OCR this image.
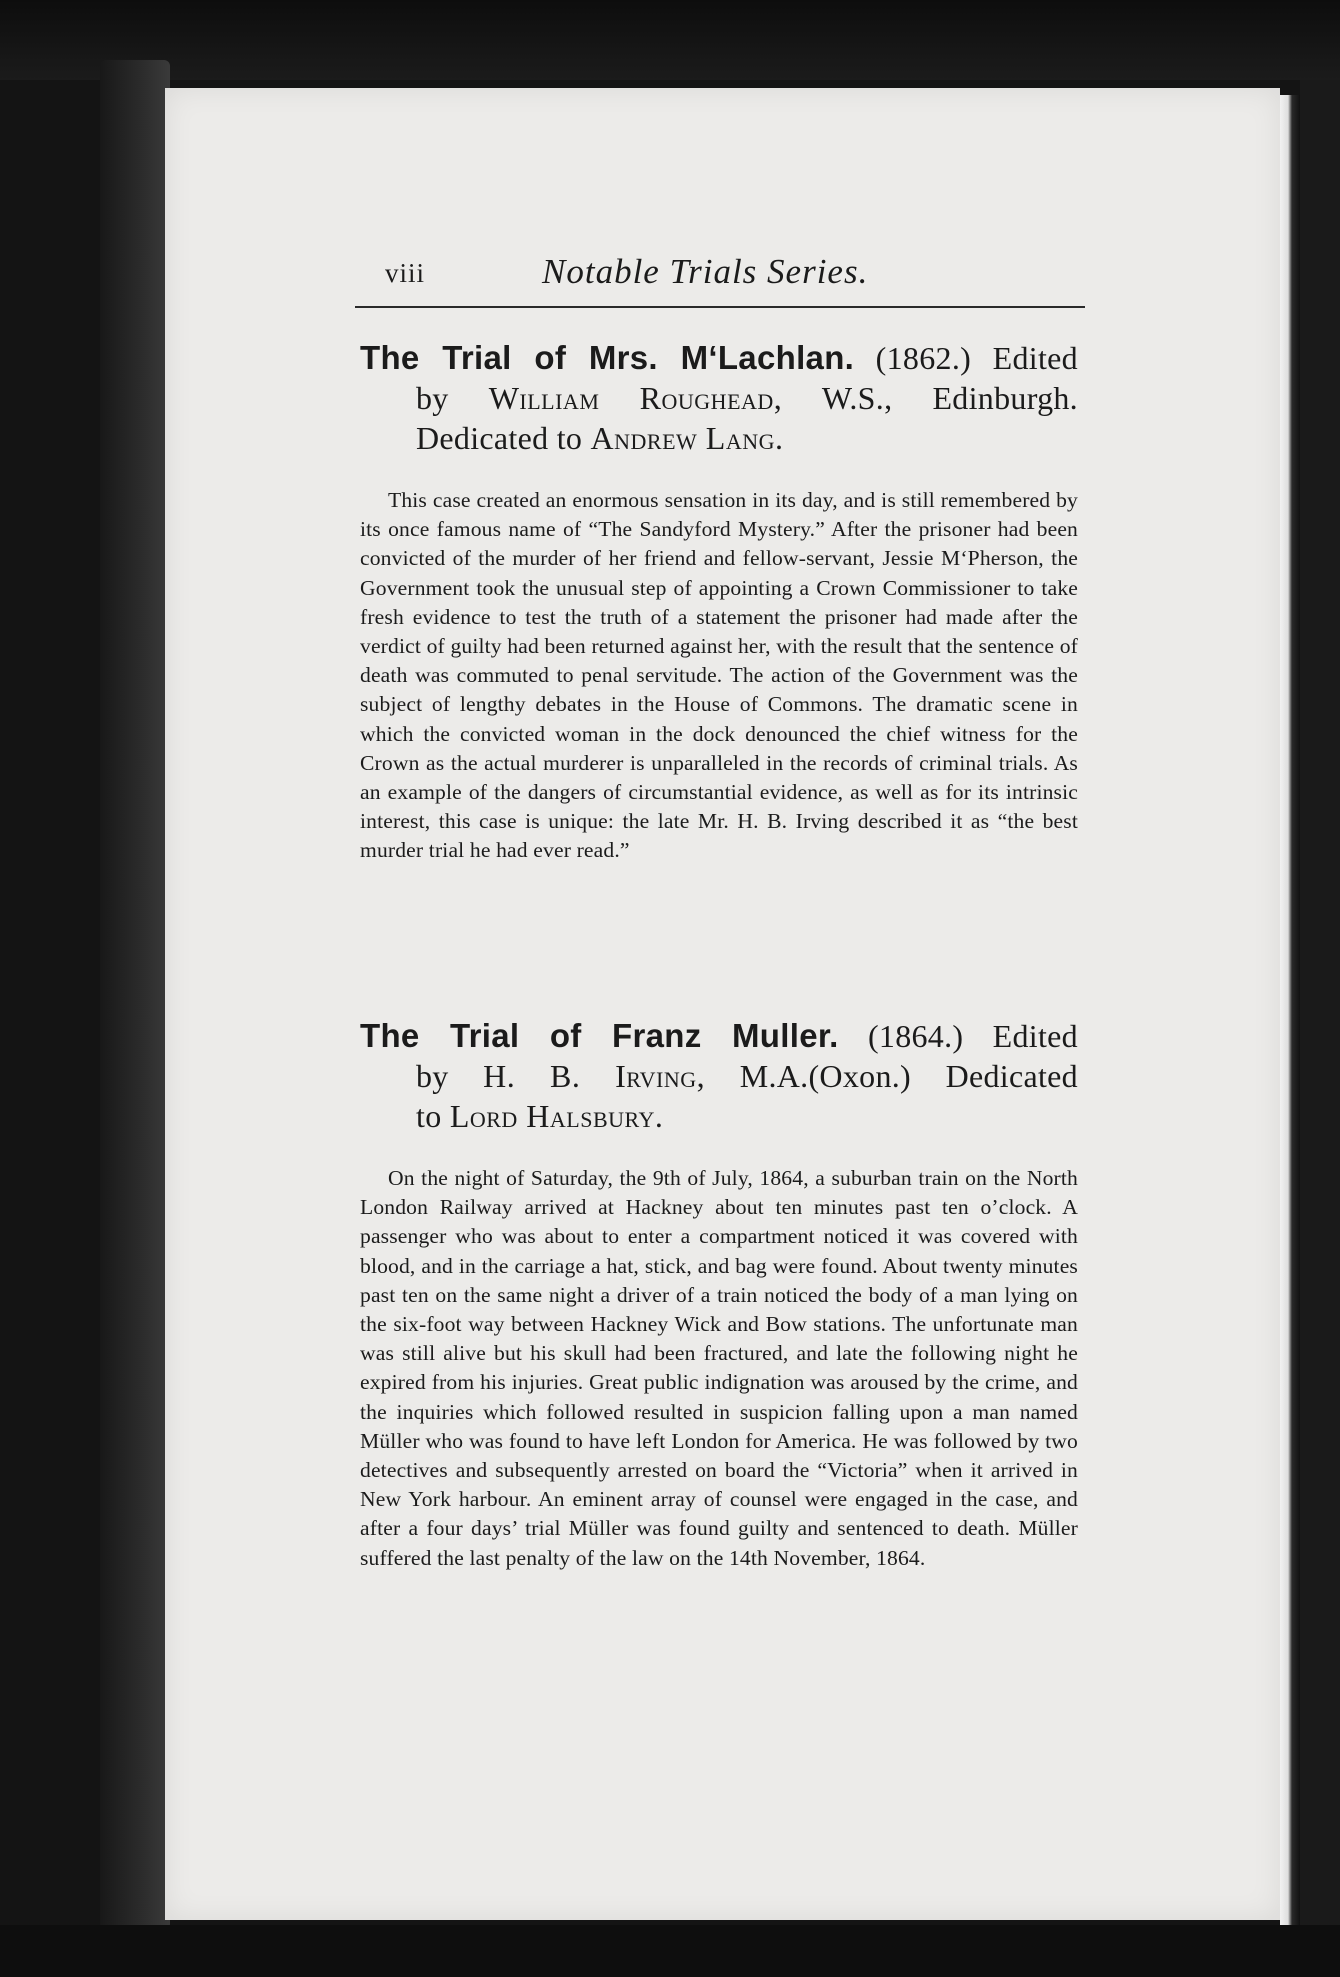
viii	Notable Trials Series.
The Trial of Mrs. M‘Lachlan. (1862.) Edited
by William Roughead, W.S., Edinburgh.
Dedicated to Andrew Lang.

This case created an enormous sensation in its day, and is still remembered by its once famous name of “The Sandyford Mystery.” After the prisoner had been convicted of the murder of her friend and fellow-servant, Jessie M‘Pherson, the Government took the unusual step of appointing a Crown Commissioner to take fresh evidence to test the truth of a statement the prisoner had made after the verdict of guilty had been returned against her, with the result that the sentence of death was commuted to penal servitude. The action of the Government was the subject of lengthy debates in the House of Commons. The dramatic scene in which the convicted woman in the dock denounced the chief witness for the Crown as the actual murderer is unparalleled in the records of criminal trials. As an example of the dangers of circumstantial evidence, as well as for its intrinsic interest, this case is unique: the late Mr. H. B. Irving described it as “the best murder trial he had ever read.”

The Trial of Franz Muller. (1864.) Edited
by H. B. Irving, M.A.(Oxon.) Dedicated
to Lord Halsbury.

On the night of Saturday, the 9th of July, 1864, a suburban train on the North London Railway arrived at Hackney about ten minutes past ten o’clock. A passenger who was about to enter a compartment noticed it was covered with blood, and in the carriage a hat, stick, and bag were found. About twenty minutes past ten on the same night a driver of a train noticed the body of a man lying on the six-foot way between Hackney Wick and Bow stations. The unfortunate man was still alive but his skull had been fractured, and late the following night he expired from his injuries. Great public indignation was aroused by the crime, and the inquiries which followed resulted in suspicion falling upon a man named Müller who was found to have left London for America. He was followed by two detectives and subsequently arrested on board the “Victoria” when it arrived in New York harbour. An eminent array of counsel were engaged in the case, and after a four days’ trial Müller was found guilty and sentenced to death. Müller suffered the last penalty of the law on the 14th November, 1864.
